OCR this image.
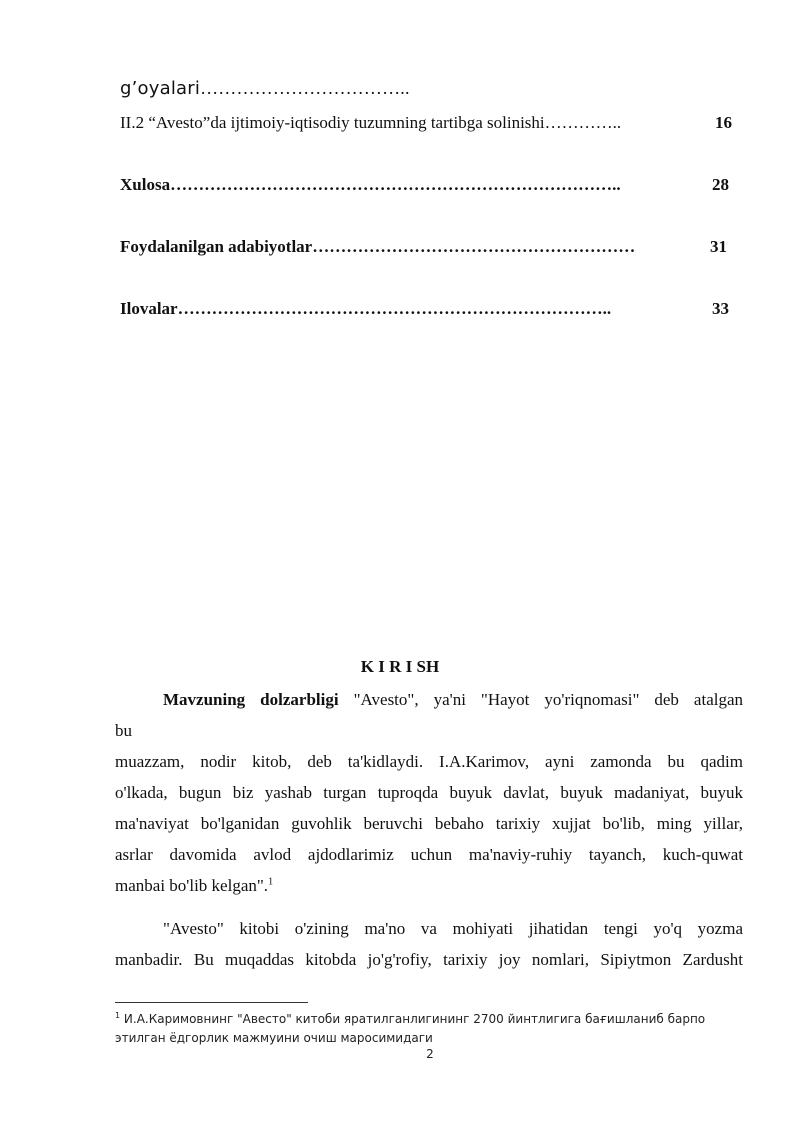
g’oyalari……………………………..
II.2 “Avesto”da ijtimoiy-iqtisodiy tuzumning tartibga solinishi…………..	16
Xulosa……………………………………………………………………..	28
Foydalanilgan adabiyotlar…………………………………………………	31
Ilovalar…………………………………………………………………..	33
K I R I SH
Mavzuning dolzarbligi "Avesto", ya'ni "Hayot yo'riqnomasi" deb atalgan
bu
muazzam, nodir kitob, deb ta'kidlaydi. I.A.Karimov, ayni zamonda bu qadim
o'lkada, bugun biz yashab turgan tuproqda buyuk davlat, buyuk madaniyat, buyuk
ma'naviyat bo'lganidan guvohlik beruvchi bebaho tarixiy xujjat bo'lib, ming yillar,
asrlar davomida avlod ajdodlarimiz uchun ma'naviy-ruhiy tayanch, kuch-quwat
manbai bo'lib kelgan".$^1$
"Avesto" kitobi o'zining ma'no va mohiyati jihatidan tengi yo'q yozma
manbadir. Bu muqaddas kitobda jo'g'rofiy, tarixiy joy nomlari, Sipiytmon Zardusht
$^1$ И.А.Каримовнинг "Авесто" китоби яратилганлигининг 2700 йинтлигига бағишланиб барпо этилган ёдгорлик мажмуини очиш маросимидаги
2
